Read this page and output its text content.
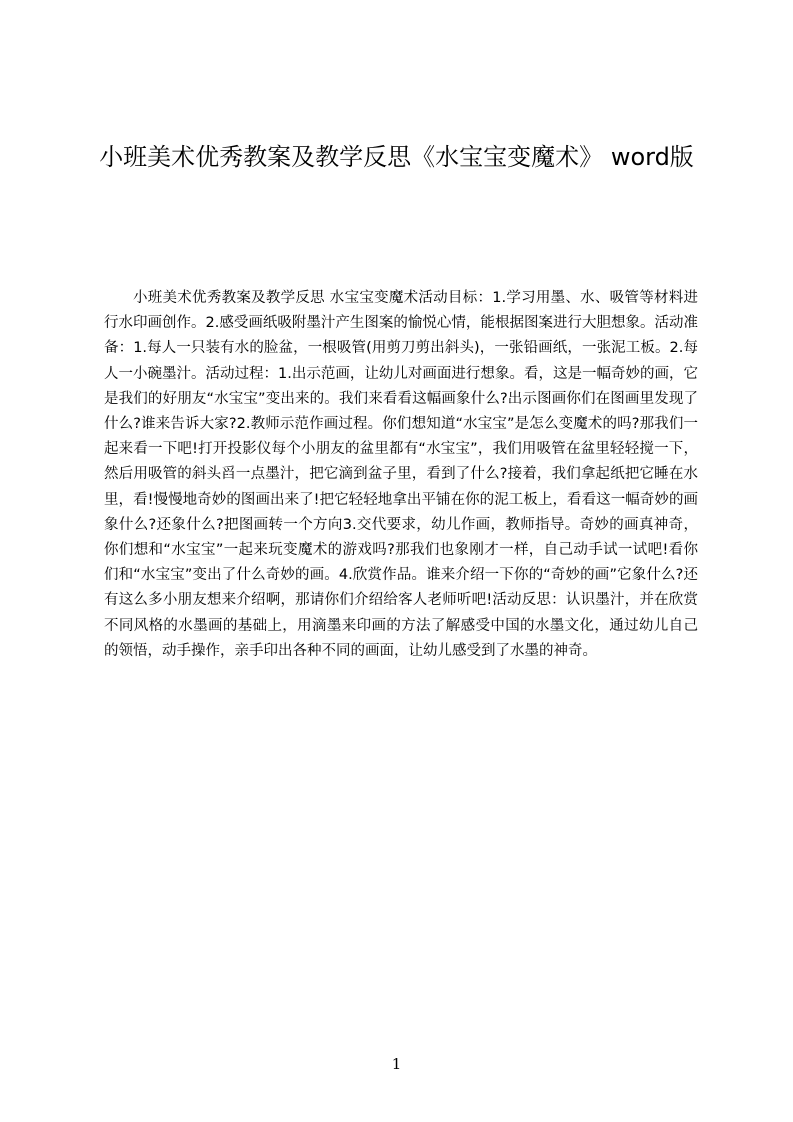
小班美术优秀教案及教学反思《水宝宝变魔术》 word版

小班美术优秀教案及教学反思 水宝宝变魔术活动目标：1.学习用墨、水、吸管等材料进行水印画创作。2.感受画纸吸附墨汁产生图案的愉悦心情，能根据图案进行大胆想象。活动准备：1.每人一只装有水的脸盆，一根吸管(用剪刀剪出斜头)，一张铅画纸，一张泥工板。2.每人一小碗墨汁。活动过程：1.出示范画，让幼儿对画面进行想象。看，这是一幅奇妙的画，它是我们的好朋友“水宝宝”变出来的。我们来看看这幅画象什么?出示图画你们在图画里发现了什么?谁来告诉大家?2.教师示范作画过程。你们想知道“水宝宝”是怎么变魔术的吗?那我们一起来看一下吧!打开投影仪每个小朋友的盆里都有“水宝宝”，我们用吸管在盆里轻轻搅一下，然后用吸管的斜头舀一点墨汁，把它滴到盆子里，看到了什么?接着，我们拿起纸把它睡在水里，看!慢慢地奇妙的图画出来了!把它轻轻地拿出平铺在你的泥工板上，看看这一幅奇妙的画象什么?还象什么?把图画转一个方向3.交代要求，幼儿作画，教师指导。奇妙的画真神奇，你们想和“水宝宝”一起来玩变魔术的游戏吗?那我们也象刚才一样，自己动手试一试吧!看你们和“水宝宝”变出了什么奇妙的画。4.欣赏作品。谁来介绍一下你的“奇妙的画”它象什么?还有这么多小朋友想来介绍啊，那请你们介绍给客人老师听吧!活动反思：认识墨汁，并在欣赏不同风格的水墨画的基础上，用滴墨来印画的方法了解感受中国的水墨文化，通过幼儿自己的领悟，动手操作，亲手印出各种不同的画面，让幼儿感受到了水墨的神奇。

1
